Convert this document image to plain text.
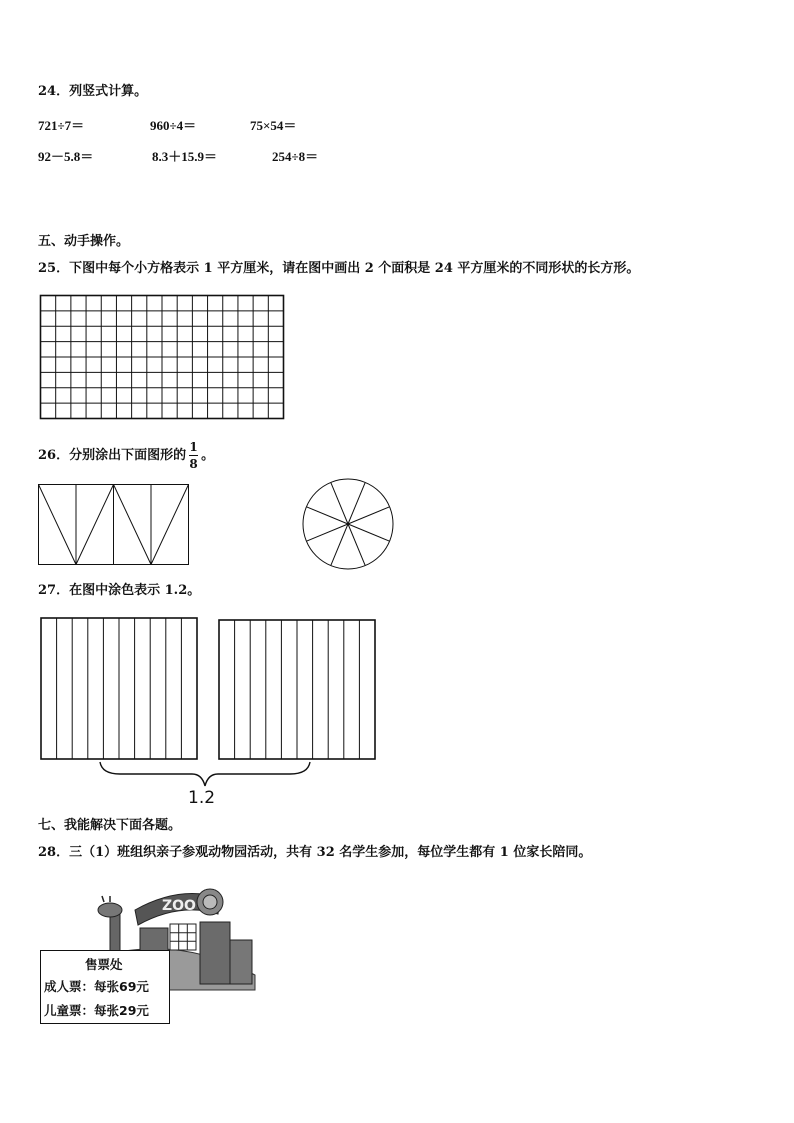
24．列竖式计算。
721÷7＝	960÷4＝	75×54＝
92－5.8＝	8.3＋15.9＝	254÷8＝
五、动手操作。
25．下图中每个小方格表示 1 平方厘米，请在图中画出 2 个面积是 24 平方厘米的不同形状的长方形。
26．分别涂出下面图形的 $\frac{1}{8}$ 。
27．在图中涂色表示 1.2。
1.2
七、我能解决下面各题。
28．三（1）班组织亲子参观动物园活动，共有 32 名学生参加，每位学生都有 1 位家长陪同。
ZOO
售票处
成人票：每张69元
儿童票：每张29元
